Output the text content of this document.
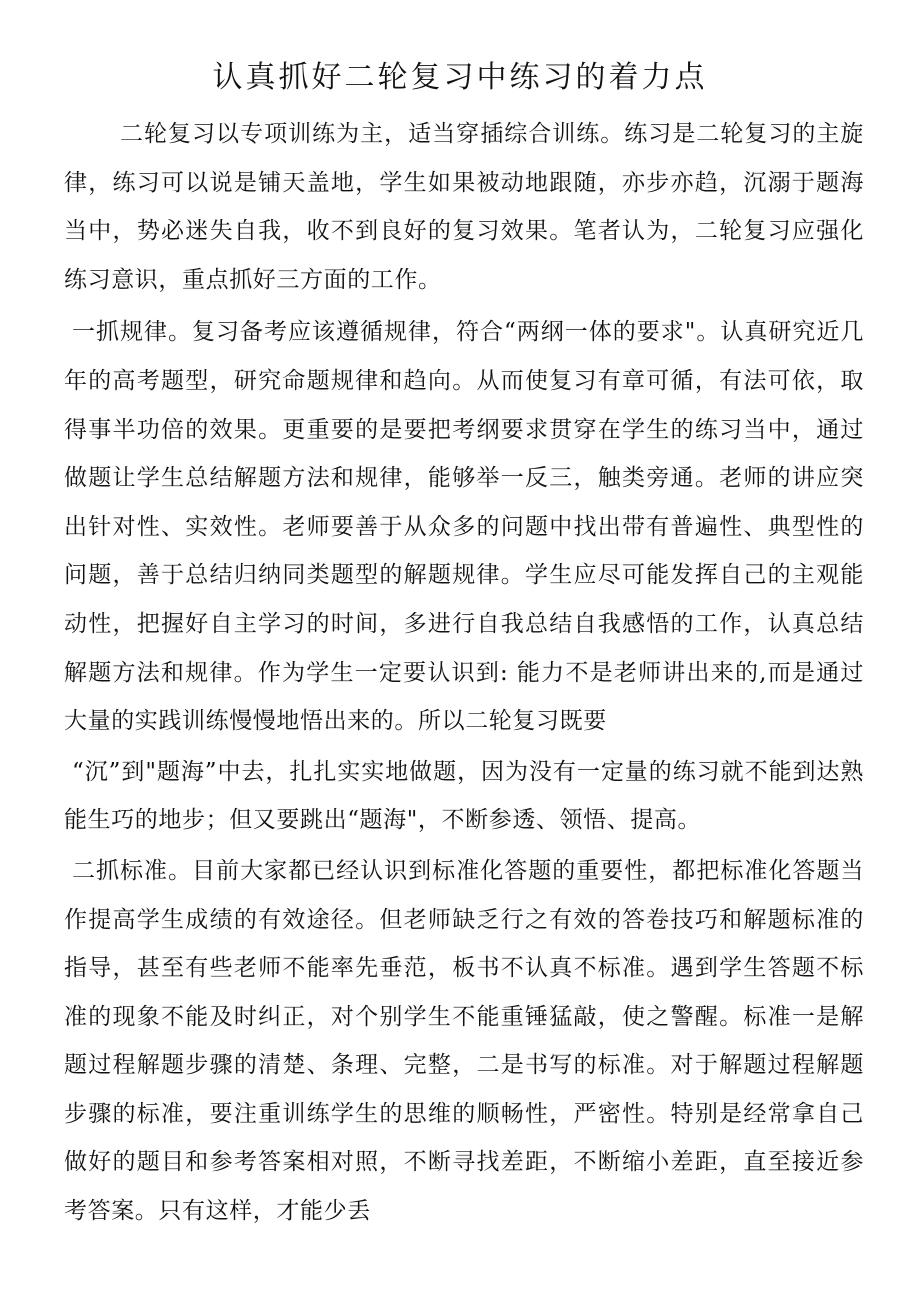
认真抓好二轮复习中练习的着力点

二轮复习以专项训练为主，适当穿插综合训练。练习是二轮复习的主旋律，练习可以说是铺天盖地，学生如果被动地跟随，亦步亦趋，沉溺于题海当中，势必迷失自我，收不到良好的复习效果。笔者认为，二轮复习应强化练习意识，重点抓好三方面的工作。

一抓规律。复习备考应该遵循规律，符合“两纲一体的要求"。认真研究近几年的高考题型，研究命题规律和趋向。从而使复习有章可循，有法可依，取得事半功倍的效果。更重要的是要把考纲要求贯穿在学生的练习当中，通过做题让学生总结解题方法和规律，能够举一反三，触类旁通。老师的讲应突出针对性、实效性。老师要善于从众多的问题中找出带有普遍性、典型性的问题，善于总结归纳同类题型的解题规律。学生应尽可能发挥自己的主观能动性，把握好自主学习的时间，多进行自我总结自我感悟的工作，认真总结解题方法和规律。作为学生一定要认识到: 能力不是老师讲出来的,而是通过大量的实践训练慢慢地悟出来的。所以二轮复习既要

“沉”到"题海”中去，扎扎实实地做题，因为没有一定量的练习就不能到达熟能生巧的地步；但又要跳出“题海"，不断参透、领悟、提高。

二抓标准。目前大家都已经认识到标准化答题的重要性，都把标准化答题当作提高学生成绩的有效途径。但老师缺乏行之有效的答卷技巧和解题标准的指导，甚至有些老师不能率先垂范，板书不认真不标准。遇到学生答题不标准的现象不能及时纠正，对个别学生不能重锤猛敲，使之警醒。标准一是解题过程解题步骤的清楚、条理、完整，二是书写的标准。对于解题过程解题步骤的标准，要注重训练学生的思维的顺畅性，严密性。特别是经常拿自己做好的题目和参考答案相对照，不断寻找差距，不断缩小差距，直至接近参考答案。只有这样，才能少丢
